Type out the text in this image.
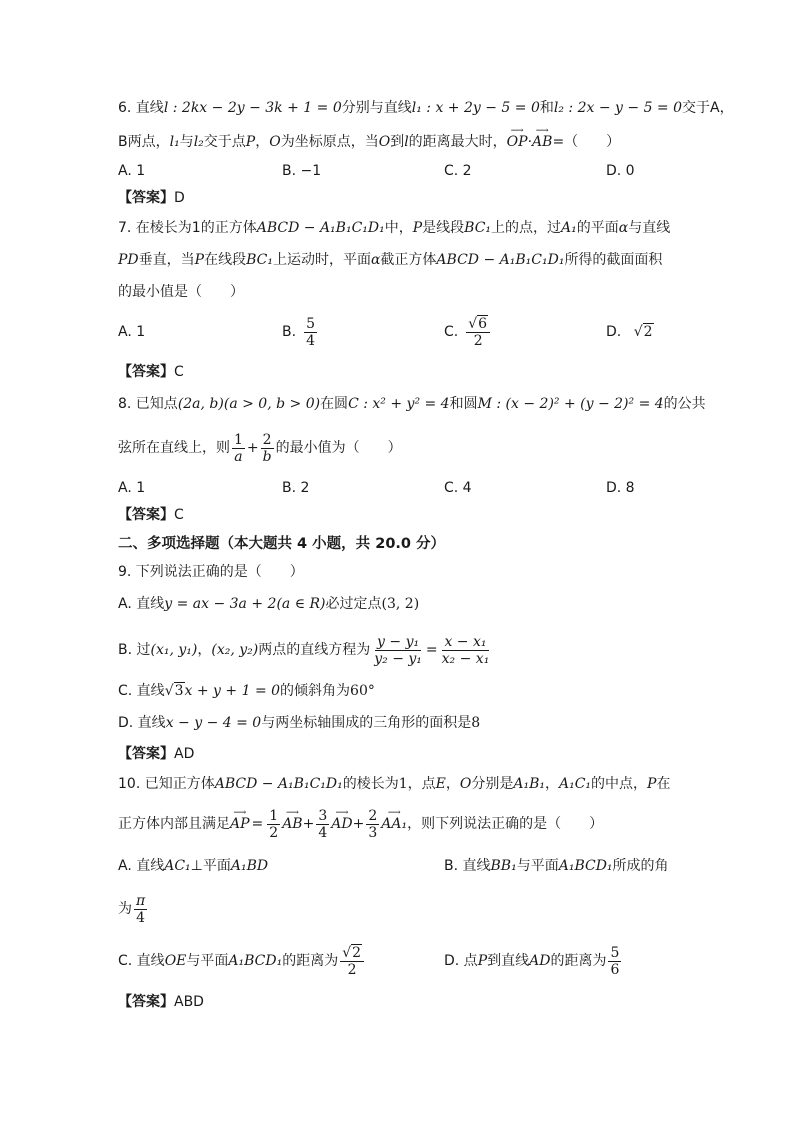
6. 直线l : 2kx − 2y − 3k + 1 = 0分别与直线l₁ : x + 2y − 5 = 0和l₂ : 2x − y − 5 = 0交于A，
B两点，l₁与l₂交于点P，O为坐标原点，当O到l的距离最大时，⟶ OP·⟶ AB=（　　）
A. 1	B. −1	C. 2	D. 0
【答案】D
7. 在棱长为1的正方体ABCD − A₁B₁C₁D₁中，P是线段BC₁上的点，过A₁的平面α与直线
PD垂直，当P在线段BC₁上运动时，平面α截正方体ABCD − A₁B₁C₁D₁所得的截面面积
的最小值是（　　）
A. 1	B. $\frac{5}{4}$	C. $\frac{√6}{2}$	D. √2
【答案】C
8. 已知点(2a, b)(a > 0, b > 0)在圆C : x² + y² = 4和圆M : (x − 2)² + (y − 2)² = 4的公共
弦所在直线上，则 $\frac{1}{a} + \frac{2}{b}$ 的最小值为（　　）
A. 1	B. 2	C. 4	D. 8
【答案】C
二、多项选择题（本大题共 4 小题，共 20.0 分）
9. 下列说法正确的是（　　）
A. 直线y = ax − 3a + 2(a ∈ R)必过定点(3, 2)
B. 过 (x₁, y₁) ， (x₂, y₂) 两点的直线方程为 $\frac{\text{y − y₁}}{\text{y₂ − y₁}} = \frac{\text{x − x₁}}{\text{x₂ − x₁}}$
C. 直线√3x + y + 1 = 0的倾斜角为60°
D. 直线x − y − 4 = 0与两坐标轴围成的三角形的面积是8
【答案】AD
10. 已知正方体ABCD − A₁B₁C₁D₁的棱长为1，点E，O分别是A₁B₁，A₁C₁的中点，P在
正方体内部且满足 ⟶ AP = $\frac{1}{2}$ ⟶ AB + $\frac{3}{4}$ ⟶ AD + $\frac{2}{3}$ ⟶ AA₁ ，则下列说法正确的是（　　）
A. 直线AC₁⊥平面A₁BD	B. 直线BB₁与平面A₁BCD₁所成的角
为 $\frac{\pi}{4}$
C. 直线 OE 与平面 A₁BCD₁ 的距离为 $\frac{√2}{2}$	D. 点 P 到直线 AD 的距离为 $\frac{5}{6}$
【答案】ABD
